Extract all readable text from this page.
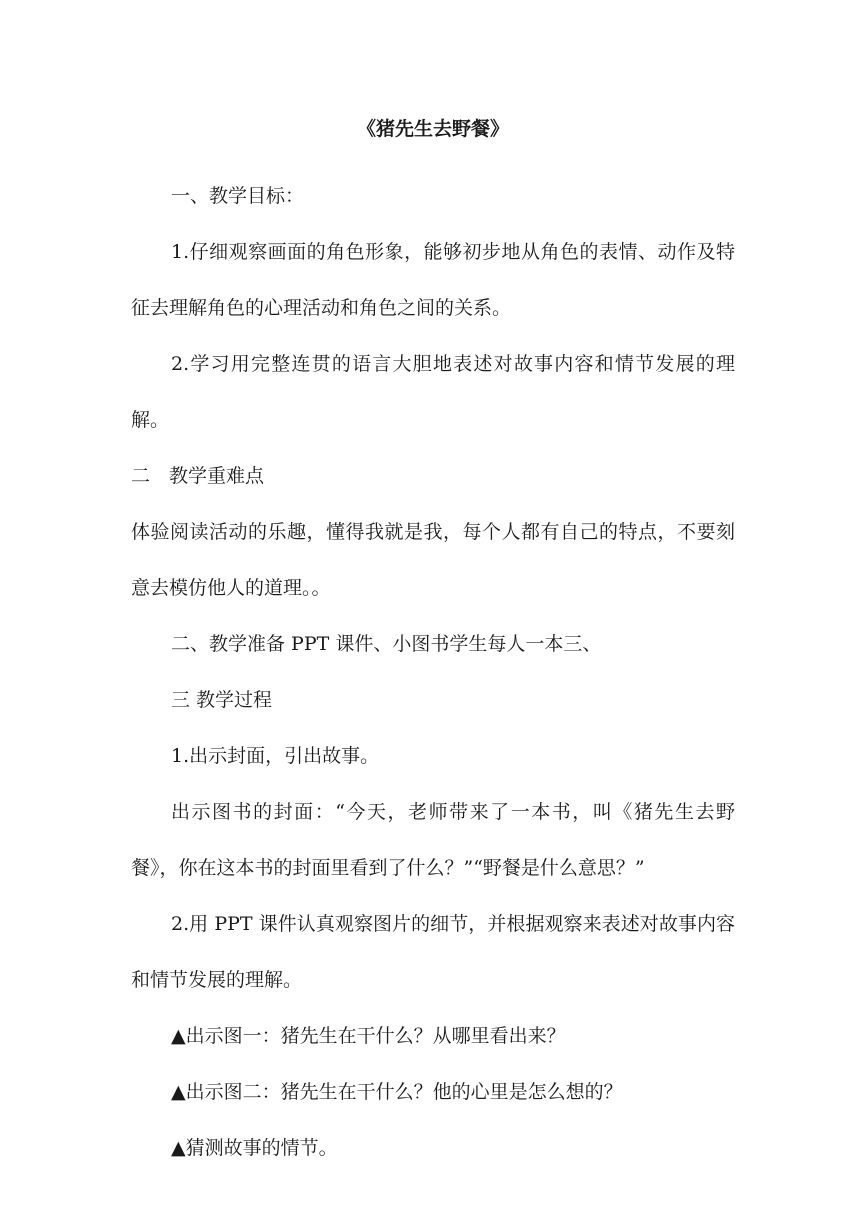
《猪先生去野餐》

一、教学目标：

1.仔细观察画面的角色形象，能够初步地从角色的表情、动作及特征去理解角色的心理活动和角色之间的关系。

2.学习用完整连贯的语言大胆地表述对故事内容和情节发展的理解。

二　教学重难点

体验阅读活动的乐趣，懂得我就是我，每个人都有自己的特点，不要刻意去模仿他人的道理。。

二、教学准备 PPT 课件、小图书学生每人一本三、

三 教学过程

1.出示封面，引出故事。

出示图书的封面：“今天，老师带来了一本书，叫《猪先生去野餐》，你在这本书的封面里看到了什么？”“野餐是什么意思？”

2.用 PPT 课件认真观察图片的细节，并根据观察来表述对故事内容和情节发展的理解。

▲出示图一：猪先生在干什么？从哪里看出来？

▲出示图二：猪先生在干什么？他的心里是怎么想的？

▲猜测故事的情节。
